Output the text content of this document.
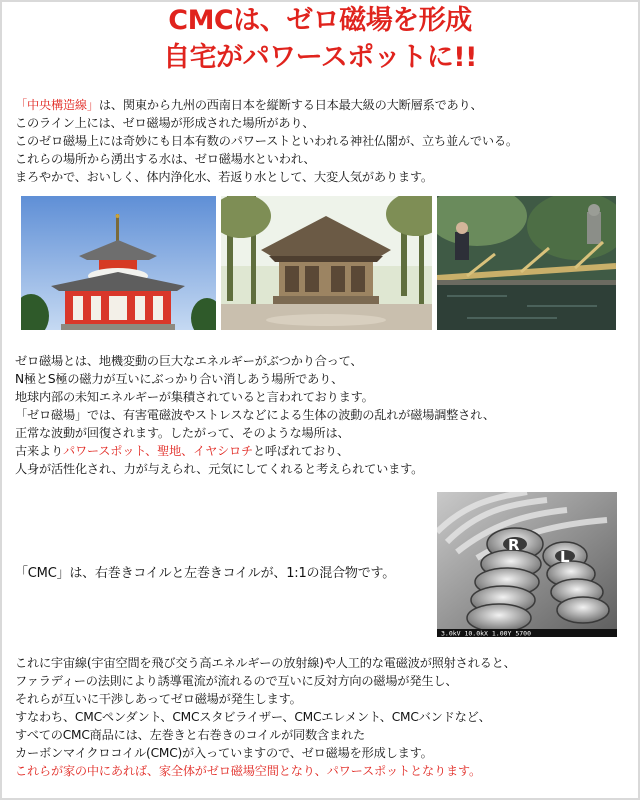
CMCは、ゼロ磁場を形成
自宅がパワースポットに!!
「中央構造線」は、関東から九州の西南日本を縦断する日本最大級の大断層系であり、
このライン上には、ゼロ磁場が形成された場所があり、
このゼロ磁場上には奇妙にも日本有数のパワーストといわれる神社仏閣が、立ち並んでいる。
これらの場所から湧出する水は、ゼロ磁場水といわれ、
まろやかで、おいしく、体内浄化水、若返り水として、大変人気があります。
ゼロ磁場とは、地機変動の巨大なエネルギーがぶつかり合って、
N極とS極の磁力が互いにぶっかり合い消しあう場所であり、
地球内部の未知エネルギーが集積されていると言われております。
「ゼロ磁場」では、有害電磁波やストレスなどによる生体の波動の乱れが磁場調整され、
正常な波動が回復されます。したがって、そのような場所は、
古来よりパワースポット、聖地、イヤシロチと呼ばれており、
人身が活性化され、力が与えられ、元気にしてくれると考えられています。
「CMC」は、右巻きコイルと左巻きコイルが、1:1の混合物です。
R
L
3.0kV 10.0kX 1.00Y 5700
これに宇宙線(宇宙空間を飛び交う高エネルギーの放射線)や人工的な電磁波が照射されると、
ファラディーの法則により誘導電流が流れるので互いに反対方向の磁場が発生し、
それらが互いに干渉しあってゼロ磁場が発生します。
すなわち、CMCペンダント、CMCスタビライザー、CMCエレメント、CMCバンドなど、
すべてのCMC商品には、左巻きと右巻きのコイルが同数含まれた
カーボンマイクロコイル(CMC)が入っていますので、ゼロ磁場を形成します。
これらが家の中にあれば、家全体がゼロ磁場空間となり、パワースポットとなります。
